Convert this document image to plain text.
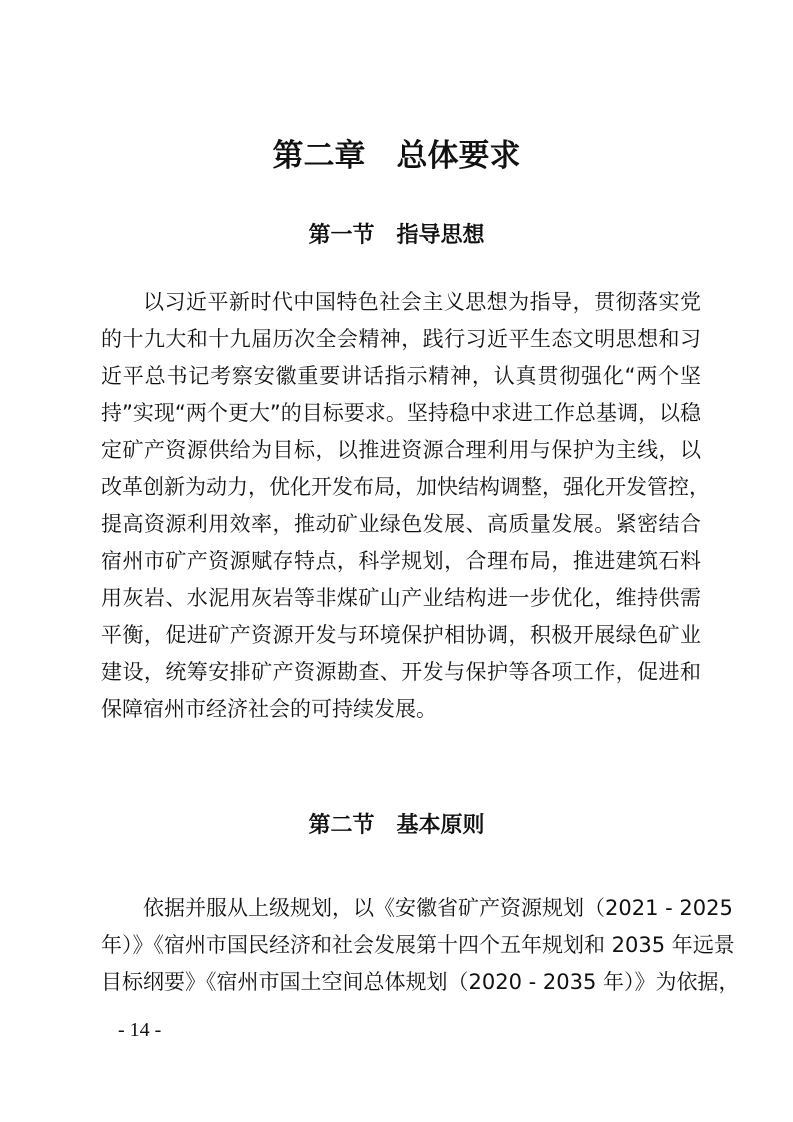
第二章　总体要求
第一节　指导思想
以习近平新时代中国特色社会主义思想为指导，贯彻落实党
的十九大和十九届历次全会精神，践行习近平生态文明思想和习
近平总书记考察安徽重要讲话指示精神，认真贯彻强化“两个坚
持”实现“两个更大”的目标要求。坚持稳中求进工作总基调，以稳
定矿产资源供给为目标，以推进资源合理利用与保护为主线，以
改革创新为动力，优化开发布局，加快结构调整，强化开发管控，
提高资源利用效率，推动矿业绿色发展、高质量发展。紧密结合
宿州市矿产资源赋存特点，科学规划，合理布局，推进建筑石料
用灰岩、水泥用灰岩等非煤矿山产业结构进一步优化，维持供需
平衡，促进矿产资源开发与环境保护相协调，积极开展绿色矿业
建设，统筹安排矿产资源勘查、开发与保护等各项工作，促进和
保障宿州市经济社会的可持续发展。
第二节　基本原则
依据并服从上级规划，以《安徽省矿产资源规划（2021 - 2025
年）》《宿州市国民经济和社会发展第十四个五年规划和 2035 年远景
目标纲要》《宿州市国土空间总体规划（2020 - 2035 年）》为依据，
- 14 -
